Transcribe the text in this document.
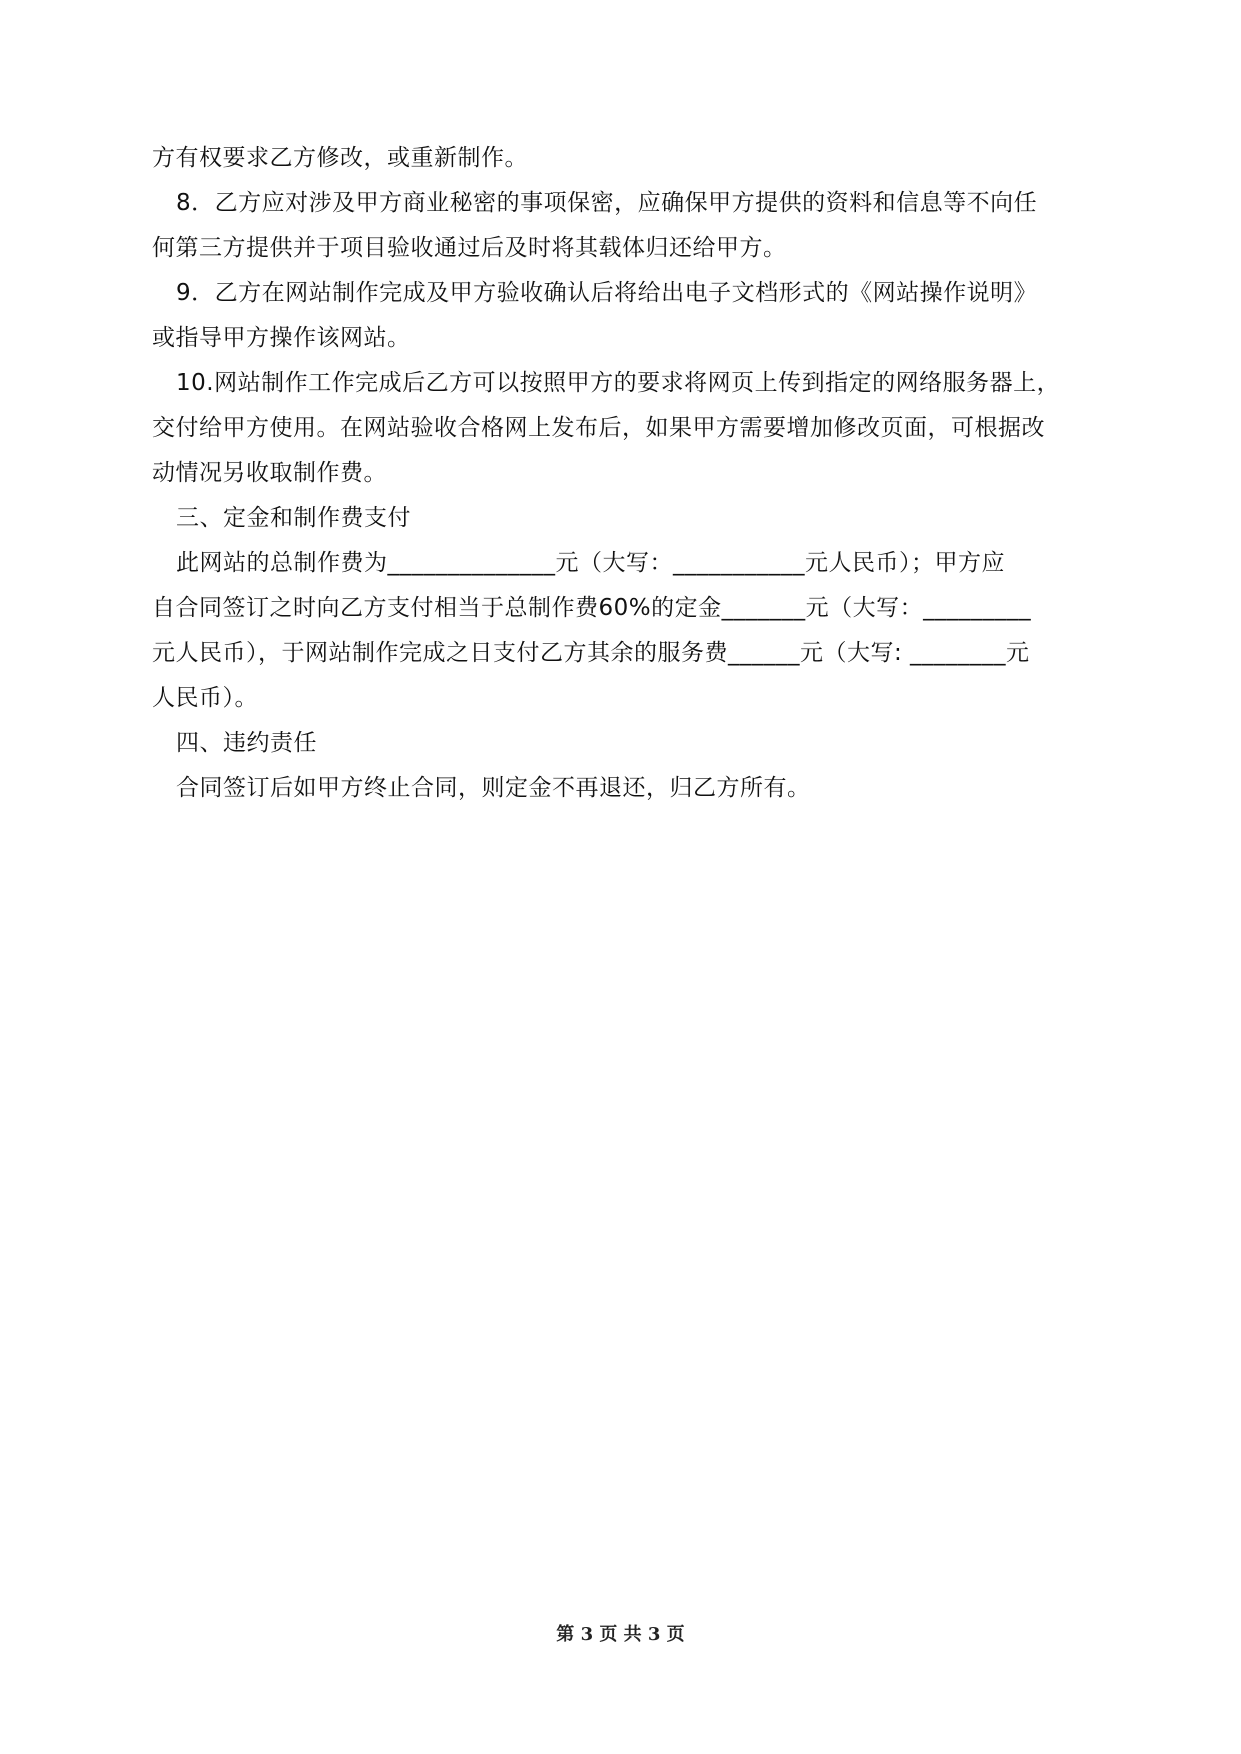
方有权要求乙方修改，或重新制作。
8．乙方应对涉及甲方商业秘密的事项保密，应确保甲方提供的资料和信息等不向任
何第三方提供并于项目验收通过后及时将其载体归还给甲方。
9．乙方在网站制作完成及甲方验收确认后将给出电子文档形式的《网站操作说明》
或指导甲方操作该网站。
10.网站制作工作完成后乙方可以按照甲方的要求将网页上传到指定的网络服务器上，
交付给甲方使用。在网站验收合格网上发布后，如果甲方需要增加修改页面，可根据改
动情况另收取制作费。
三、定金和制作费支付
此网站的总制作费为______________元（大写：___________元人民币）；甲方应
自合同签订之时向乙方支付相当于总制作费60%的定金_______元（大写：_________
元人民币），于网站制作完成之日支付乙方其余的服务费______元（大写: ________元
人民币）。
四、违约责任
合同签订后如甲方终止合同，则定金不再退还，归乙方所有。
第 3 页 共 3 页
